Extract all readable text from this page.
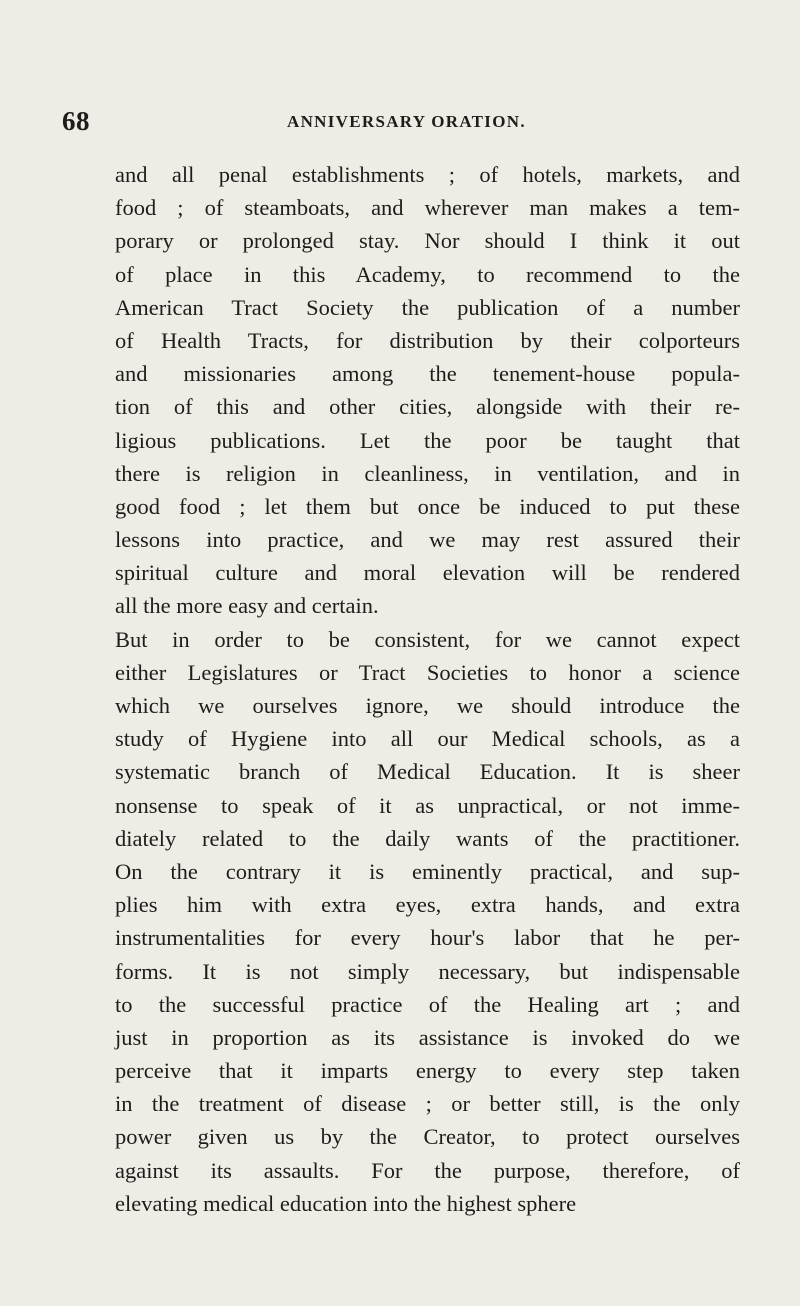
68	ANNIVERSARY ORATION.
and all penal establishments ; of hotels, markets, and
food ; of steamboats, and wherever man makes a tem-
porary or prolonged stay. Nor should I think it out
of place in this Academy, to recommend to the
American Tract Society the publication of a number
of Health Tracts, for distribution by their colporteurs
and missionaries among the tenement-house popula-
tion of this and other cities, alongside with their re-
ligious publications. Let the poor be taught that
there is religion in cleanliness, in ventilation, and in
good food ; let them but once be induced to put these
lessons into practice, and we may rest assured their
spiritual culture and moral elevation will be rendered
all the more easy and certain.
But in order to be consistent, for we cannot expect
either Legislatures or Tract Societies to honor a science
which we ourselves ignore, we should introduce the
study of Hygiene into all our Medical schools, as a
systematic branch of Medical Education. It is sheer
nonsense to speak of it as unpractical, or not imme-
diately related to the daily wants of the practitioner.
On the contrary it is eminently practical, and sup-
plies him with extra eyes, extra hands, and extra
instrumentalities for every hour's labor that he per-
forms. It is not simply necessary, but indispensable
to the successful practice of the Healing art ; and
just in proportion as its assistance is invoked do we
perceive that it imparts energy to every step taken
in the treatment of disease ; or better still, is the only
power given us by the Creator, to protect ourselves
against its assaults. For the purpose, therefore, of
elevating medical education into the highest sphere
